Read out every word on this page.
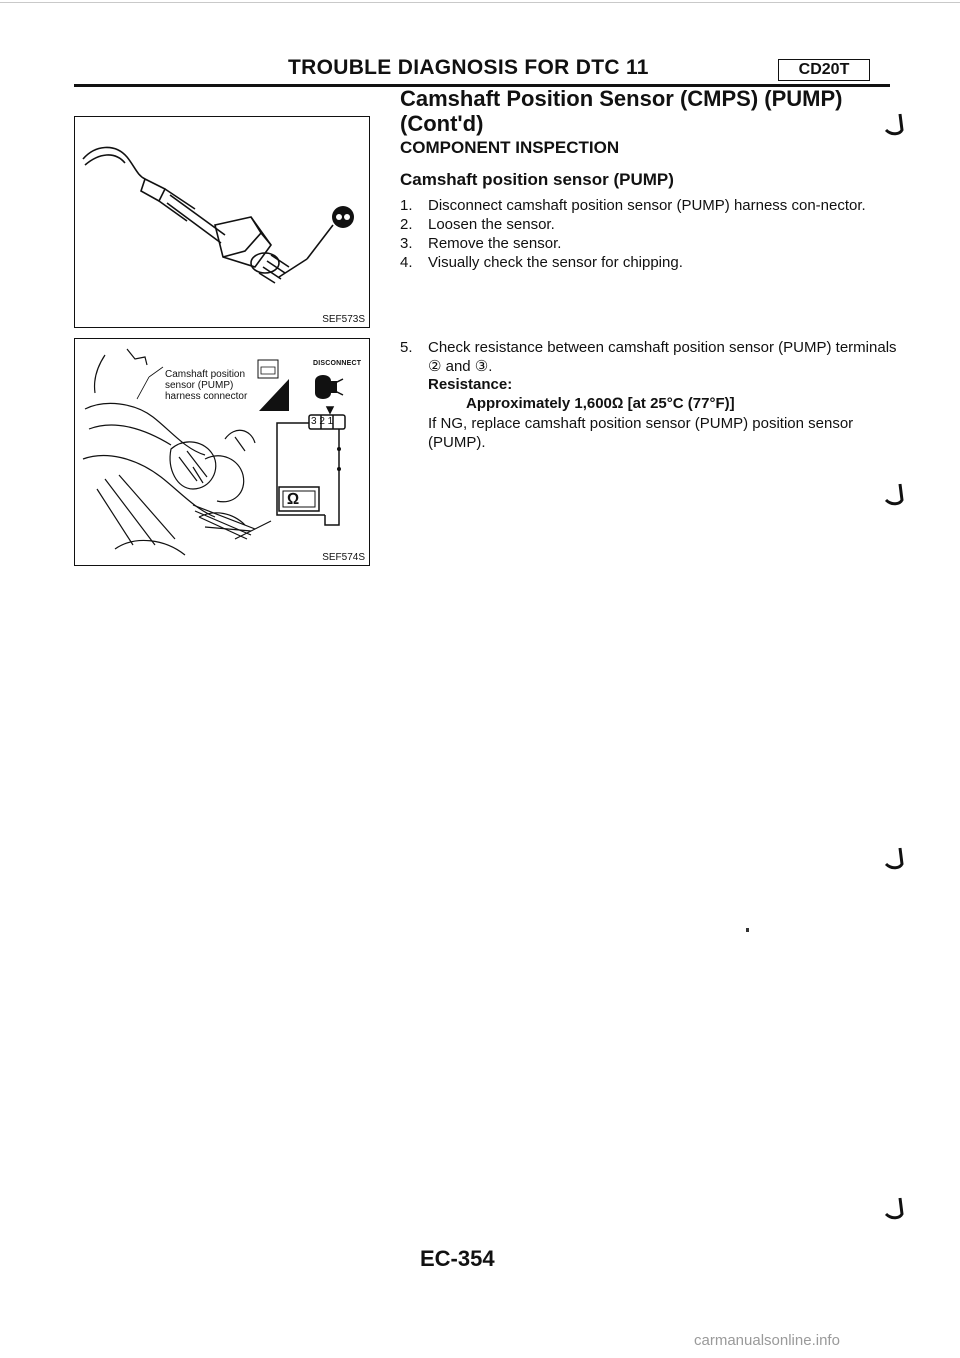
TROUBLE DIAGNOSIS FOR DTC 11	CD20T
Camshaft Position Sensor (CMPS) (PUMP)
(Cont'd)
COMPONENT INSPECTION
Camshaft position sensor (PUMP)
1.	Disconnect camshaft position sensor (PUMP) harness con-nector.
2.	Loosen the sensor.
3.	Remove the sensor.
4.	Visually check the sensor for chipping.
5.	Check resistance between camshaft position sensor (PUMP) terminals ② and ③.
Resistance:
Approximately 1,600Ω [at 25°C (77°F)]
If NG, replace camshaft position sensor (PUMP) position sensor (PUMP).
SEF573S
Camshaft position
sensor (PUMP)
harness connector
DISCONNECT
T.S.
3 2 1
Ω
SEF574S
EC-354
carmanualsonline.info
